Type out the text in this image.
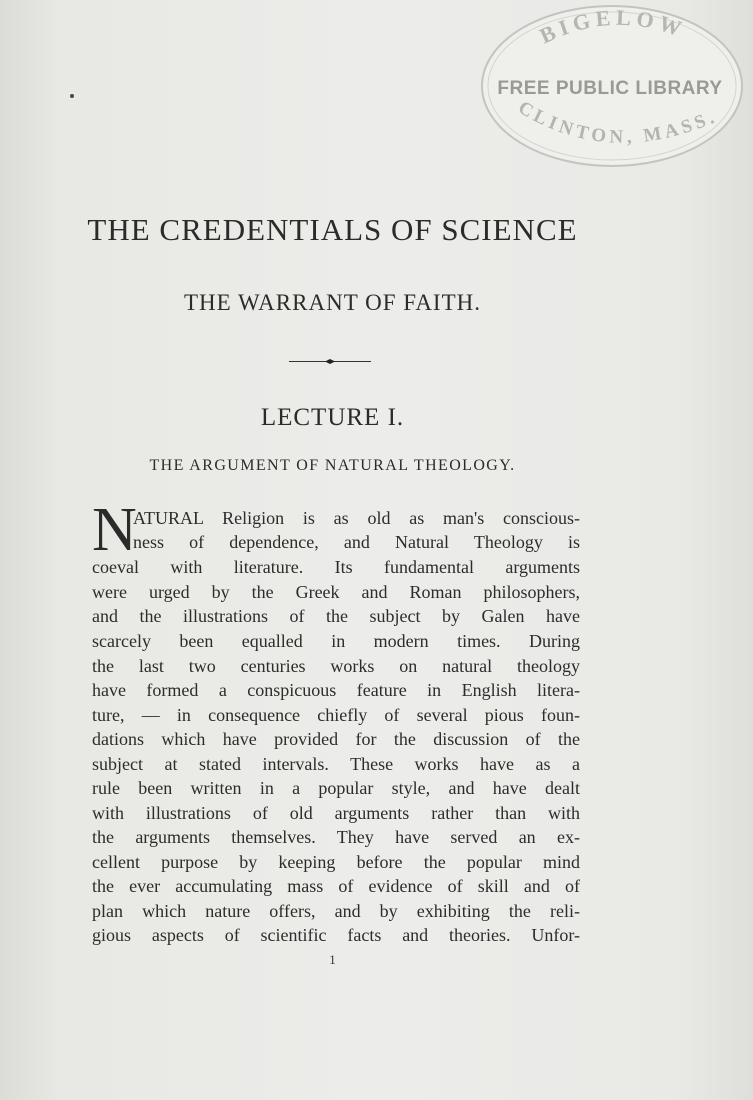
BIGELOW
FREE PUBLIC LIBRARY
CLINTON, MASS.
THE CREDENTIALS OF SCIENCE
THE WARRANT OF FAITH.
LECTURE I.
THE ARGUMENT OF NATURAL THEOLOGY.
N
ATURAL Religion is as old as man's conscious-
ness of dependence, and Natural Theology is
coeval with literature. Its fundamental arguments
were urged by the Greek and Roman philosophers,
and the illustrations of the subject by Galen have
scarcely been equalled in modern times. During
the last two centuries works on natural theology
have formed a conspicuous feature in English litera-
ture, — in consequence chiefly of several pious foun-
dations which have provided for the discussion of the
subject at stated intervals. These works have as a
rule been written in a popular style, and have dealt
with illustrations of old arguments rather than with
the arguments themselves. They have served an ex-
cellent purpose by keeping before the popular mind
the ever accumulating mass of evidence of skill and of
plan which nature offers, and by exhibiting the reli-
gious aspects of scientific facts and theories. Unfor-
1
